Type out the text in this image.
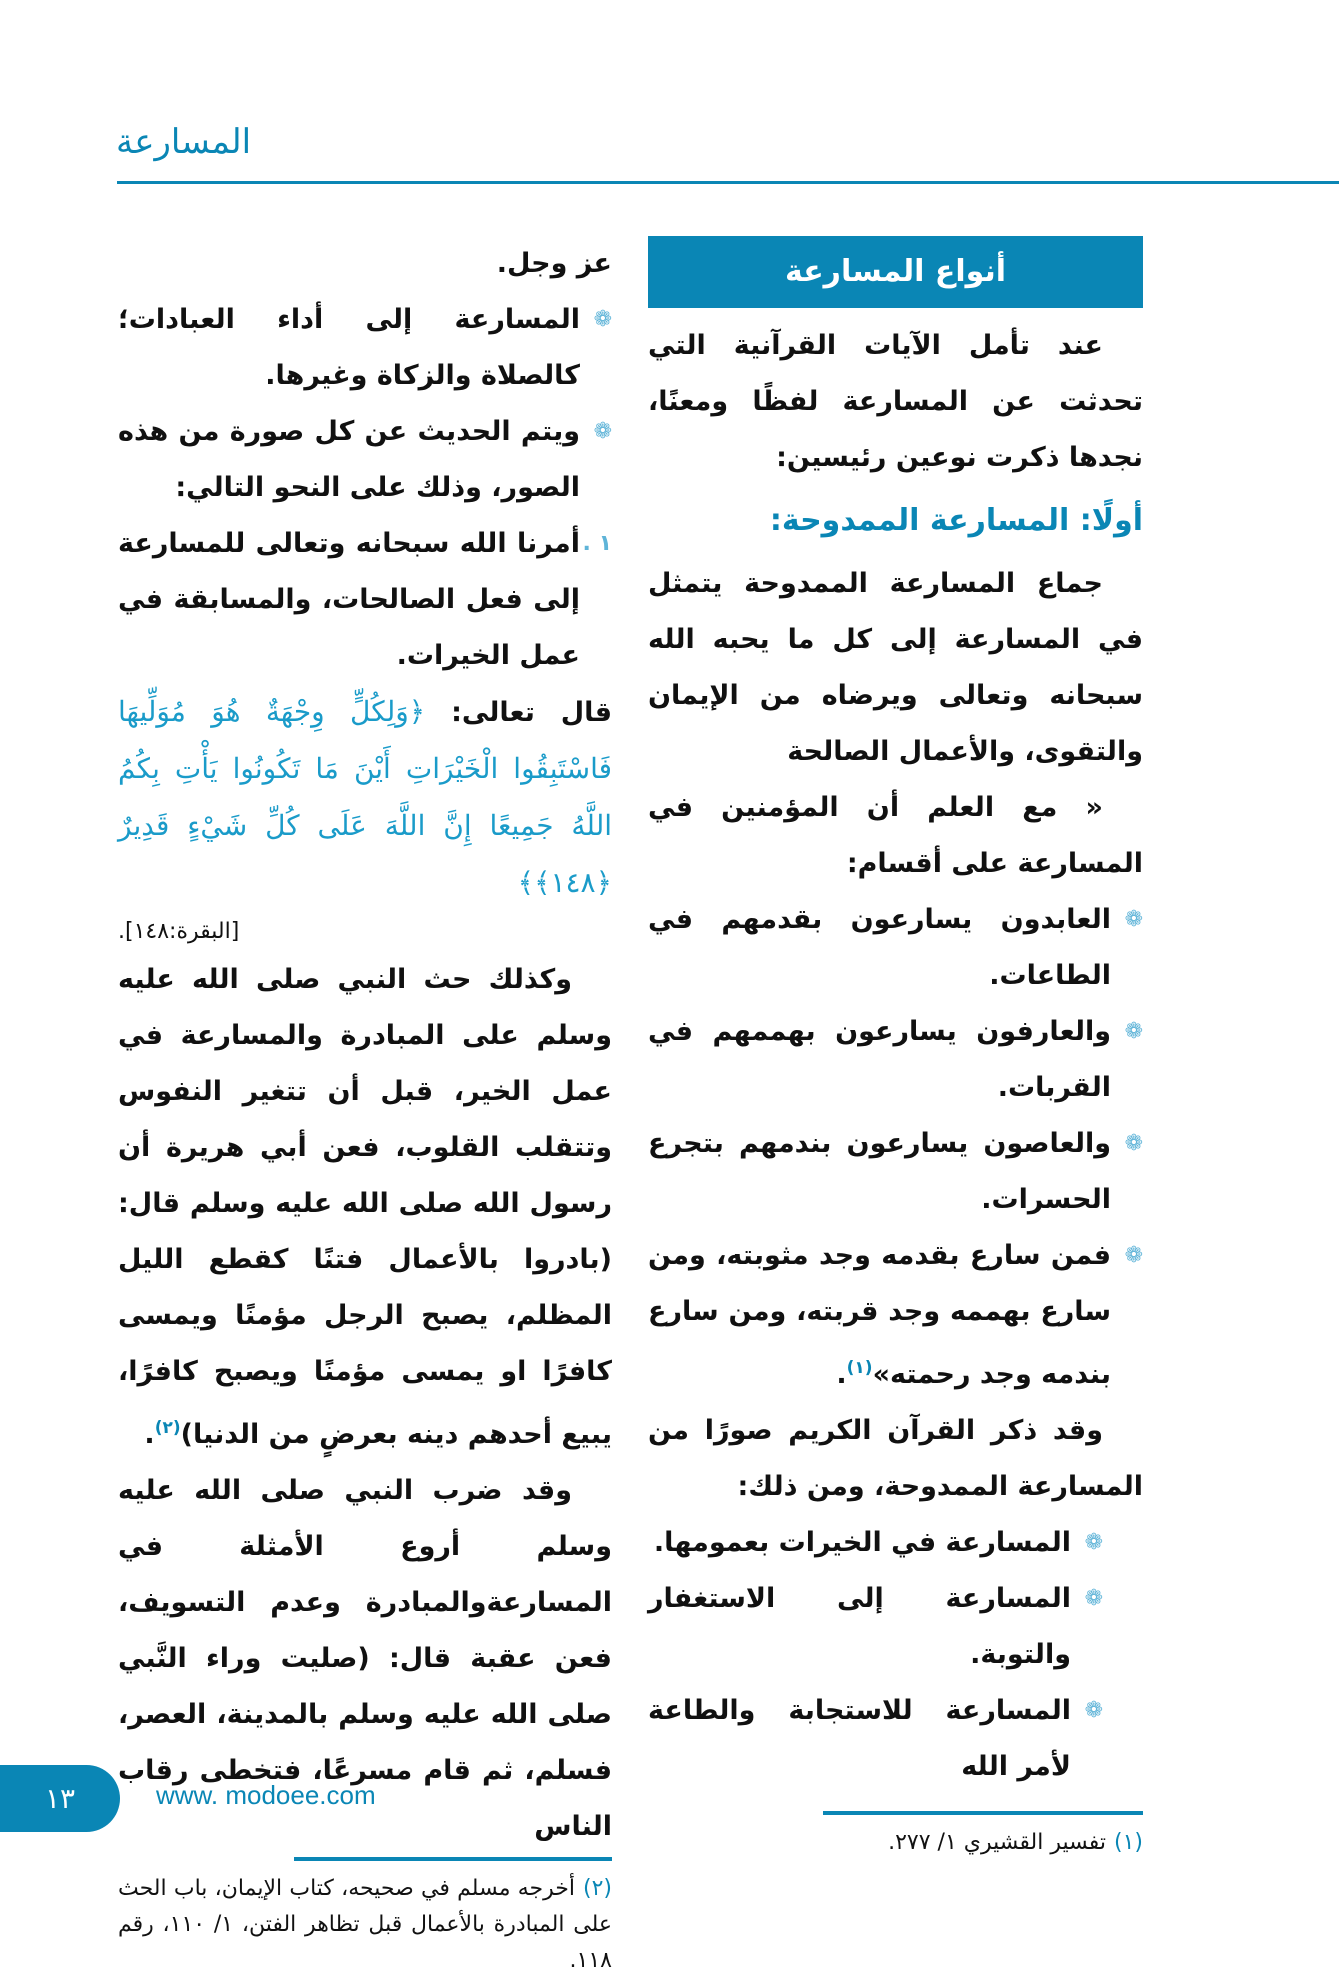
المسارعة
أنواع المسارعة

عند تأمل الآيات القرآنية التي تحدثت عن المسارعة لفظًا ومعنًا، نجدها ذكرت نوعين رئيسين:

أولًا: المسارعة الممدوحة:

جماع المسارعة الممدوحة يتمثل في المسارعة إلى كل ما يحبه الله سبحانه وتعالى ويرضاه من الإيمان والتقوى، والأعمال الصالحة

« مع العلم أن المؤمنين في المسارعة على أقسام:

❁
العابدون يسارعون بقدمهم في الطاعات.

❁
والعارفون يسارعون بهممهم في القربات.

❁
والعاصون يسارعون بندمهم بتجرع الحسرات.

❁
فمن سارع بقدمه وجد مثوبته، ومن سارع بهممه وجد قربته، ومن سارع بندمه وجد رحمته»$^{(١)}$.

وقد ذكر القرآن الكريم صورًا من المسارعة الممدوحة، ومن ذلك:

❁
المسارعة في الخيرات بعمومها.

❁
المسارعة إلى الاستغفار والتوبة.

❁
المسارعة للاستجابة والطاعة لأمر الله

(١)تفسير القشيري ١/ ٢٧٧.

عز وجل.

❁
المسارعة إلى أداء العبادات؛ كالصلاة والزكاة وغيرها.

❁
ويتم الحديث عن كل صورة من هذه الصور، وذلك على النحو التالي:

١ .
أمرنا الله سبحانه وتعالى للمسارعة إلى فعل الصالحات، والمسابقة في عمل الخيرات.

قال تعالى: ﴿وَلِكُلٍّ وِجْهَةٌ هُوَ مُوَلِّيهَا فَاسْتَبِقُوا الْخَيْرَاتِ أَيْنَ مَا تَكُونُوا يَأْتِ بِكُمُ اللَّهُ جَمِيعًا إِنَّ اللَّهَ عَلَى كُلِّ شَيْءٍ قَدِيرٌ ﴿١٤٨﴾﴾

[البقرة:١٤٨].

وكذلك حث النبي صلى الله عليه وسلم على المبادرة والمسارعة في عمل الخير، قبل أن تتغير النفوس وتتقلب القلوب، فعن أبي هريرة أن رسول الله صلى الله عليه وسلم قال: (بادروا بالأعمال فتنًا كقطع الليل المظلم، يصبح الرجل مؤمنًا ويمسى كافرًا او يمسى مؤمنًا ويصبح كافرًا، يبيع أحدهم دينه بعرضٍ من الدنيا)$^{(٢)}$.

وقد ضرب النبي صلى الله عليه وسلم أروع الأمثلة في المسارعةوالمبادرة وعدم التسويف، فعن عقبة قال: (صليت وراء النَّبي صلى الله عليه وسلم بالمدينة، العصر، فسلم، ثم قام مسرعًا، فتخطى رقاب الناس

(٢)أخرجه مسلم في صحيحه، كتاب الإيمان، باب الحث على المبادرة بالأعمال قبل تظاهر الفتن، ١/ ١١٠، رقم ١١٨.

١٣	www. modoee.com
